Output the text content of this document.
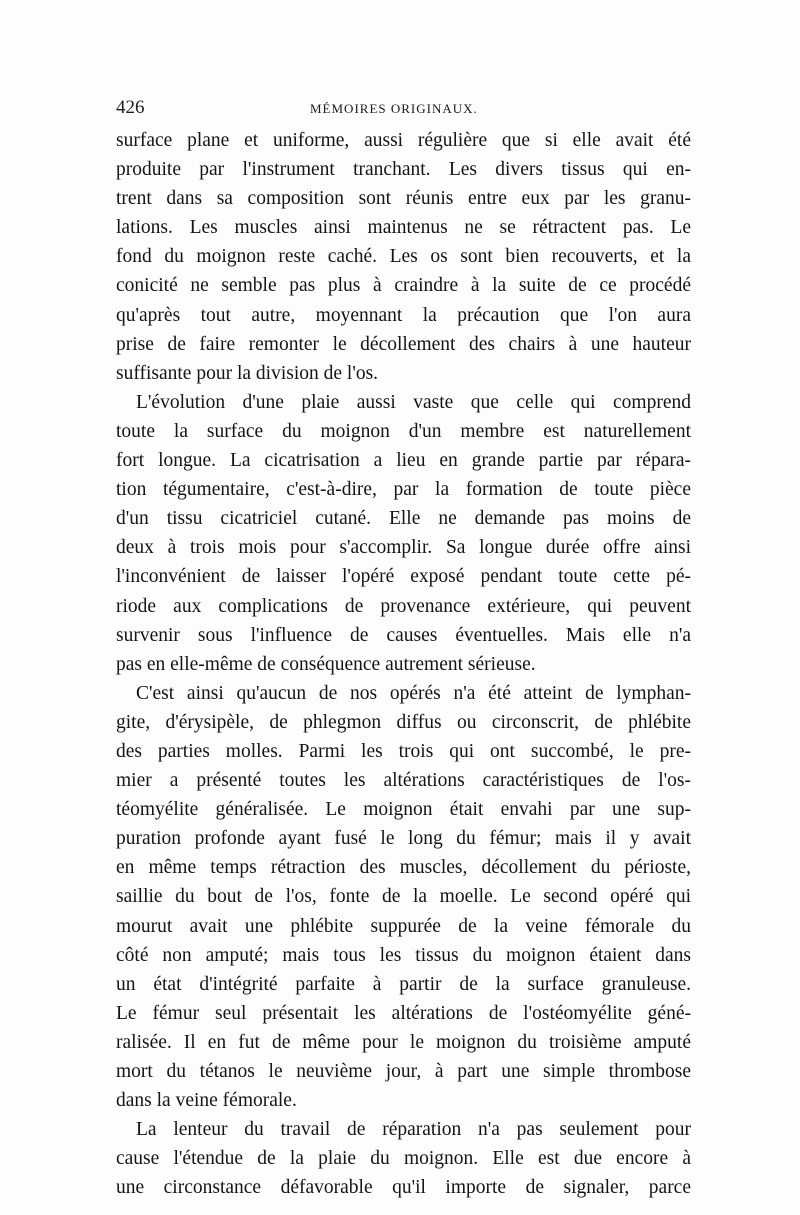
426	MÉMOIRES ORIGINAUX.
surface plane et uniforme, aussi régulière que si elle avait été
produite par l'instrument tranchant. Les divers tissus qui en-
trent dans sa composition sont réunis entre eux par les granu-
lations. Les muscles ainsi maintenus ne se rétractent pas. Le
fond du moignon reste caché. Les os sont bien recouverts, et la
conicité ne semble pas plus à craindre à la suite de ce procédé
qu'après tout autre, moyennant la précaution que l'on aura
prise de faire remonter le décollement des chairs à une hauteur
suffisante pour la division de l'os.
L'évolution d'une plaie aussi vaste que celle qui comprend
toute la surface du moignon d'un membre est naturellement
fort longue. La cicatrisation a lieu en grande partie par répara-
tion tégumentaire, c'est-à-dire, par la formation de toute pièce
d'un tissu cicatriciel cutané. Elle ne demande pas moins de
deux à trois mois pour s'accomplir. Sa longue durée offre ainsi
l'inconvénient de laisser l'opéré exposé pendant toute cette pé-
riode aux complications de provenance extérieure, qui peuvent
survenir sous l'influence de causes éventuelles. Mais elle n'a
pas en elle-même de conséquence autrement sérieuse.
C'est ainsi qu'aucun de nos opérés n'a été atteint de lymphan-
gite, d'érysipèle, de phlegmon diffus ou circonscrit, de phlébite
des parties molles. Parmi les trois qui ont succombé, le pre-
mier a présenté toutes les altérations caractéristiques de l'os-
téomyélite généralisée. Le moignon était envahi par une sup-
puration profonde ayant fusé le long du fémur; mais il y avait
en même temps rétraction des muscles, décollement du périoste,
saillie du bout de l'os, fonte de la moelle. Le second opéré qui
mourut avait une phlébite suppurée de la veine fémorale du
côté non amputé; mais tous les tissus du moignon étaient dans
un état d'intégrité parfaite à partir de la surface granuleuse.
Le fémur seul présentait les altérations de l'ostéomyélite géné-
ralisée. Il en fut de même pour le moignon du troisième amputé
mort du tétanos le neuvième jour, à part une simple thrombose
dans la veine fémorale.
La lenteur du travail de réparation n'a pas seulement pour
cause l'étendue de la plaie du moignon. Elle est due encore à
une circonstance défavorable qu'il importe de signaler, parce
